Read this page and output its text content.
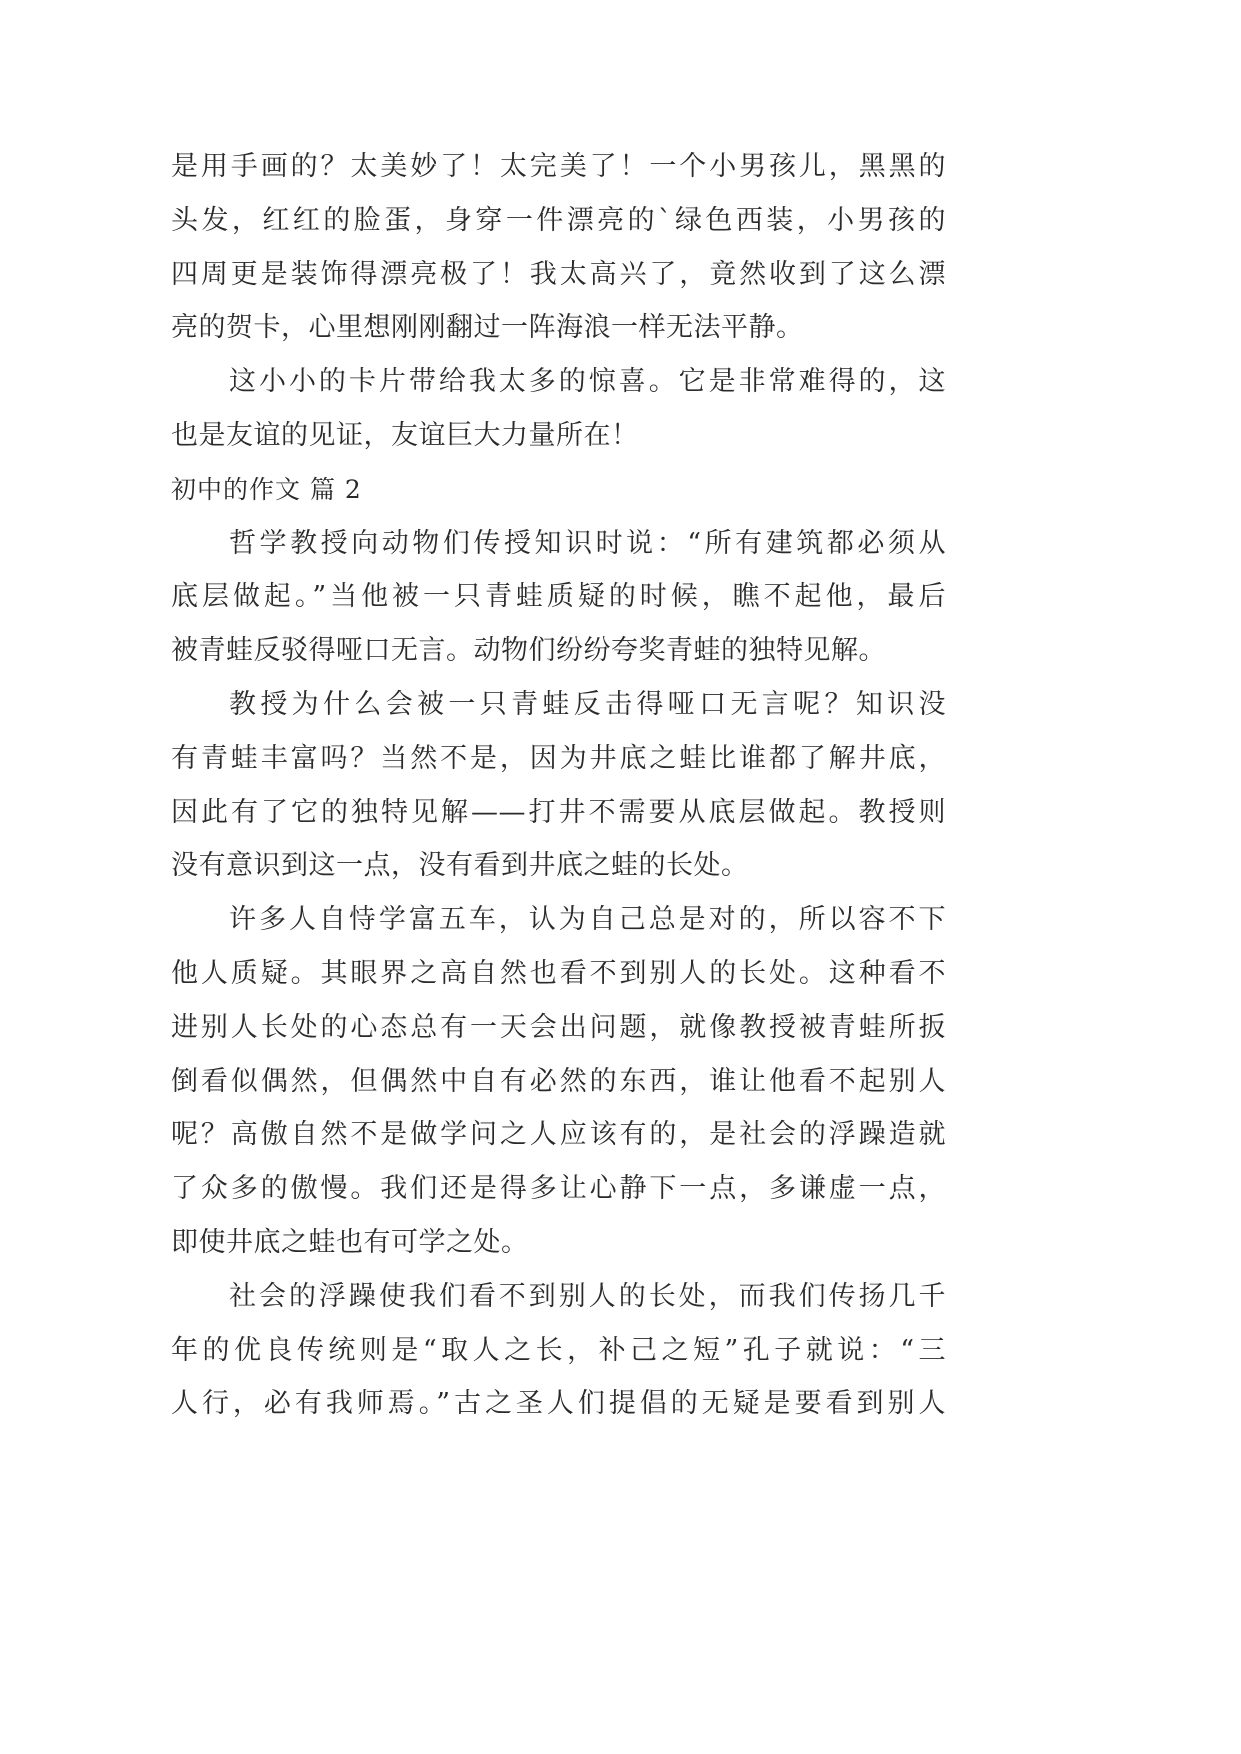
是用手画的？太美妙了！太完美了！一个小男孩儿，黑黑的
头发，红红的脸蛋，身穿一件漂亮的`绿色西装，小男孩的
四周更是装饰得漂亮极了！我太高兴了，竟然收到了这么漂
亮的贺卡，心里想刚刚翻过一阵海浪一样无法平静。
这小小的卡片带给我太多的惊喜。它是非常难得的，这
也是友谊的见证，友谊巨大力量所在！
初中的作文 篇 2
哲学教授向动物们传授知识时说：“所有建筑都必须从
底层做起。”当他被一只青蛙质疑的时候，瞧不起他，最后
被青蛙反驳得哑口无言。动物们纷纷夸奖青蛙的独特见解。
教授为什么会被一只青蛙反击得哑口无言呢？知识没
有青蛙丰富吗？当然不是，因为井底之蛙比谁都了解井底，
因此有了它的独特见解——打井不需要从底层做起。教授则
没有意识到这一点，没有看到井底之蛙的长处。
许多人自恃学富五车，认为自己总是对的，所以容不下
他人质疑。其眼界之高自然也看不到别人的长处。这种看不
进别人长处的心态总有一天会出问题，就像教授被青蛙所扳
倒看似偶然，但偶然中自有必然的东西，谁让他看不起别人
呢？高傲自然不是做学问之人应该有的，是社会的浮躁造就
了众多的傲慢。我们还是得多让心静下一点，多谦虚一点，
即使井底之蛙也有可学之处。
社会的浮躁使我们看不到别人的长处，而我们传扬几千
年的优良传统则是“取人之长，补己之短”孔子就说：“三
人行，必有我师焉。”古之圣人们提倡的无疑是要看到别人
